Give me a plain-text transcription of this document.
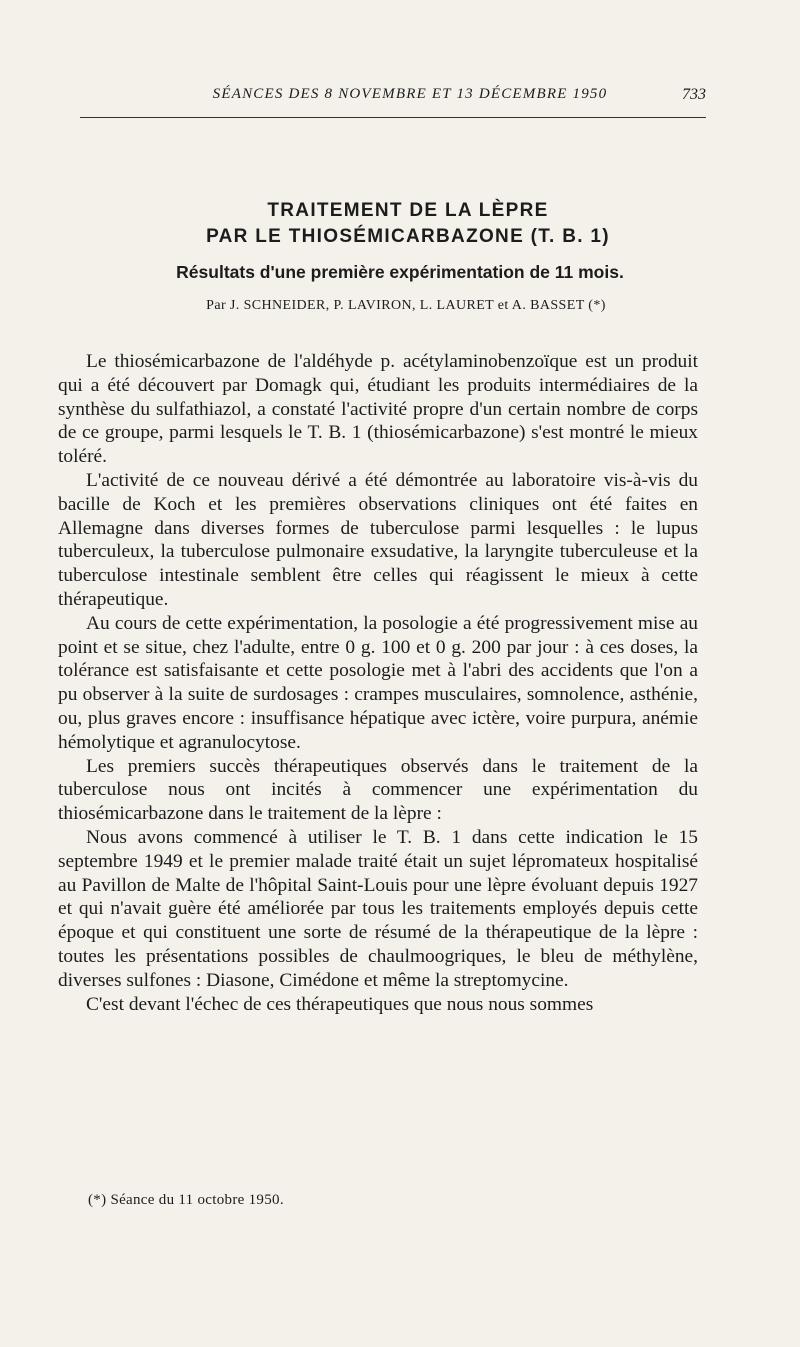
SÉANCES DES 8 NOVEMBRE ET 13 DÉCEMBRE 1950	733
TRAITEMENT DE LA LÈPRE
PAR LE THIOSÉMICARBAZONE (T. B. 1)
Résultats d'une première expérimentation de 11 mois.
Par J. SCHNEIDER, P. LAVIRON, L. LAURET et A. BASSET (*)

Le thiosémicarbazone de l'aldéhyde p. acétylaminobenzoïque est un produit qui a été découvert par Domagk qui, étudiant les produits intermédiaires de la synthèse du sulfathiazol, a constaté l'activité propre d'un certain nombre de corps de ce groupe, parmi lesquels le T. B. 1 (thiosémicarbazone) s'est montré le mieux toléré.

L'activité de ce nouveau dérivé a été démontrée au laboratoire vis-à-vis du bacille de Koch et les premières observations cliniques ont été faites en Allemagne dans diverses formes de tuberculose parmi lesquelles : le lupus tuberculeux, la tuberculose pulmonaire exsudative, la laryngite tuberculeuse et la tuberculose intestinale semblent être celles qui réagissent le mieux à cette thérapeutique.

Au cours de cette expérimentation, la posologie a été progressivement mise au point et se situe, chez l'adulte, entre 0 g. 100 et 0 g. 200 par jour : à ces doses, la tolérance est satisfaisante et cette posologie met à l'abri des accidents que l'on a pu observer à la suite de surdosages : crampes musculaires, somnolence, asthénie, ou, plus graves encore : insuffisance hépatique avec ictère, voire purpura, anémie hémolytique et agranulocytose.

Les premiers succès thérapeutiques observés dans le traitement de la tuberculose nous ont incités à commencer une expérimentation du thiosémicarbazone dans le traitement de la lèpre :

Nous avons commencé à utiliser le T. B. 1 dans cette indication le 15 septembre 1949 et le premier malade traité était un sujet lépromateux hospitalisé au Pavillon de Malte de l'hôpital Saint-Louis pour une lèpre évoluant depuis 1927 et qui n'avait guère été améliorée par tous les traitements employés depuis cette époque et qui constituent une sorte de résumé de la thérapeutique de la lèpre : toutes les présentations possibles de chaulmoogriques, le bleu de méthylène, diverses sulfones : Diasone, Cimédone et même la streptomycine.

C'est devant l'échec de ces thérapeutiques que nous nous sommes

(*) Séance du 11 octobre 1950.
